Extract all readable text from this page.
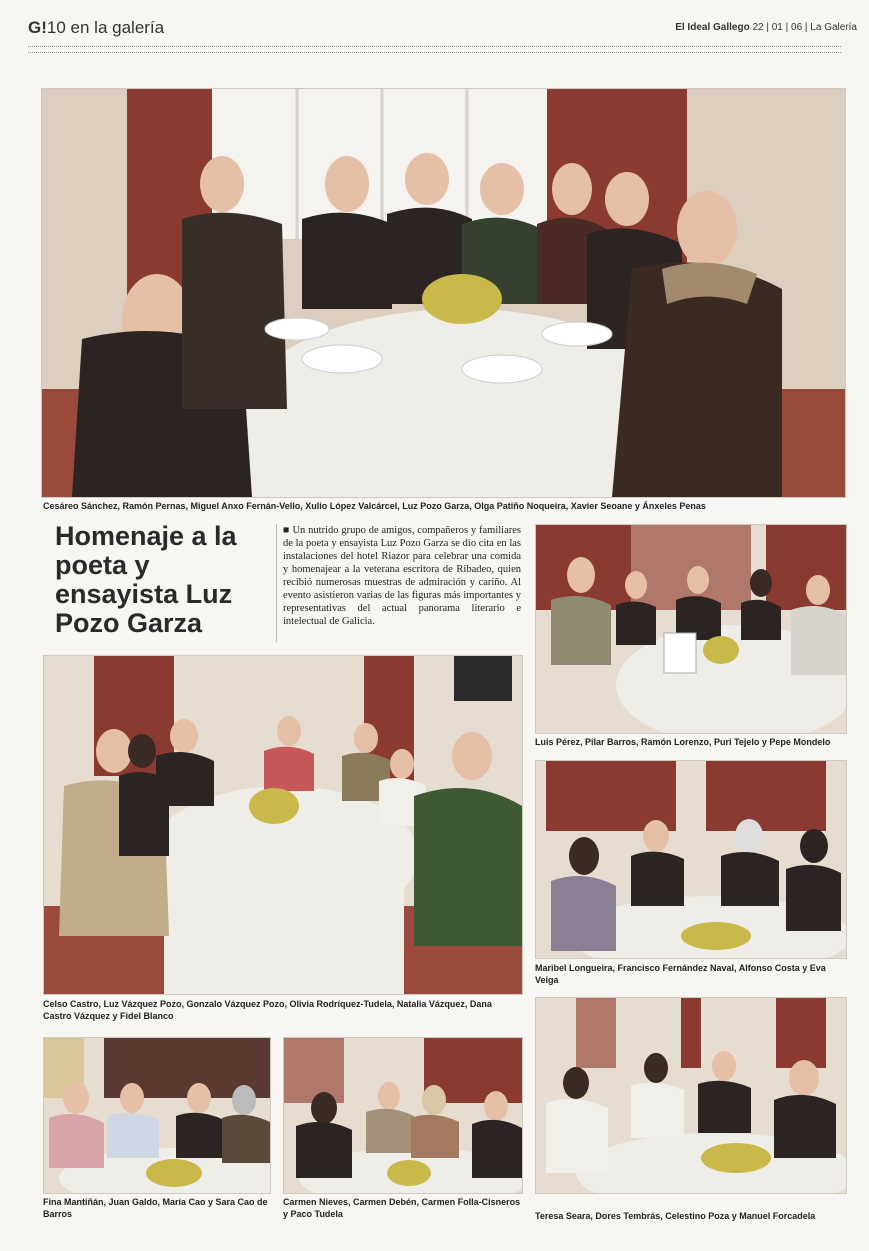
G!10 en la galería	El Ideal Gallego 22 | 01 | 06 | La Galería
Cesáreo Sánchez, Ramón Pernas, Miguel Anxo Fernán-Vello, Xulio López Valcárcel, Luz Pozo Garza, Olga Patiño Noqueira, Xavier Seoane y Ánxeles Penas
Homenaje a la poeta y ensayista Luz Pozo Garza
■ Un nutrido grupo de amigos, compañeros y familiares de la poeta y ensayista Luz Pozo Garza se dio cita en las instalaciones del hotel Riazor para celebrar una comida y homenajear a la veterana escritora de Ribadeo, quien recibió numerosas muestras de admiración y cariño. Al evento asistieron varias de las figuras más importantes y representativas del actual panorama literario e intelectual de Galicia.
Luis Pérez, Pilar Barros, Ramón Lorenzo, Puri Tejelo y Pepe Mondelo
Celso Castro, Luz Vázquez Pozo, Gonzalo Vázquez Pozo, Olivia Rodríquez-Tudela, Natalia Vázquez, Dana Castro Vázquez y Fidel Blanco
Maribel Longueira, Francisco Fernández Naval, Alfonso Costa y Eva Veiga
Fina Mantiñán, Juan Galdo, María Cao y Sara Cao de Barros
Carmen Nieves, Carmen Debén, Carmen Folla-Cisneros y Paco Tudela	Teresa Seara, Dores Tembrás, Celestino Poza y Manuel Forcadela
